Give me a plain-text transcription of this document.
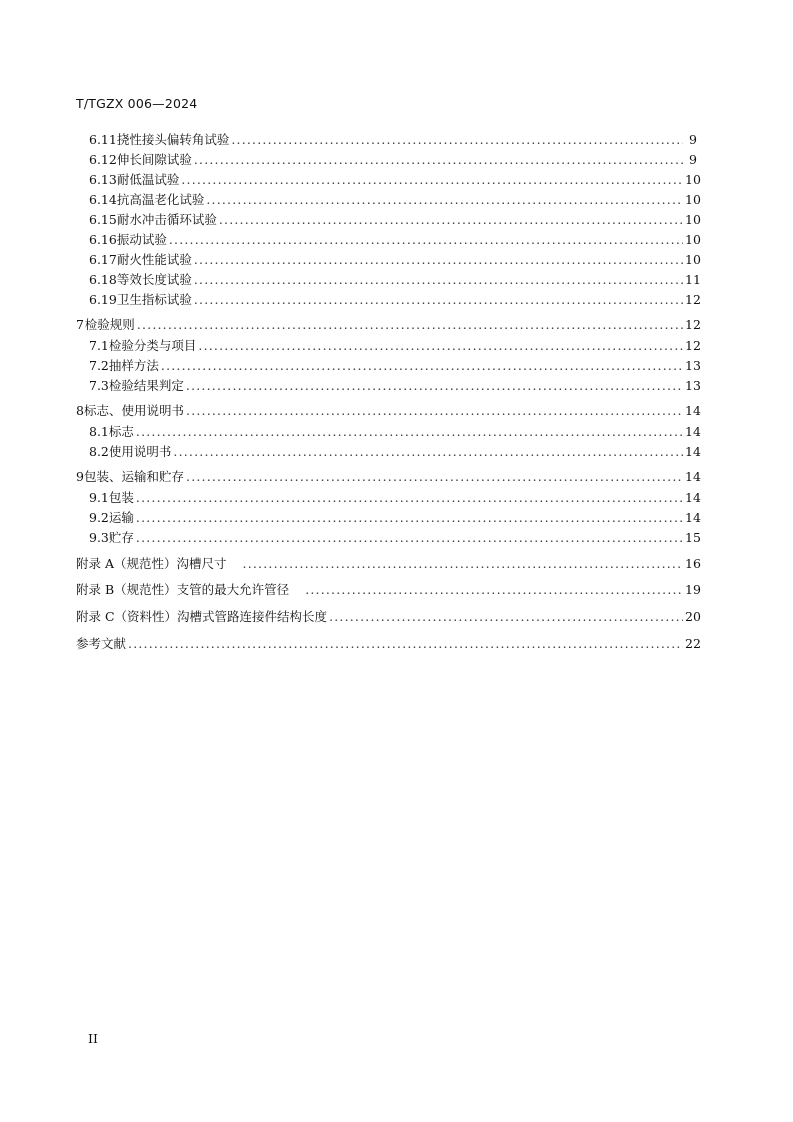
T/TGZX 006—2024
6.11 挠性接头偏转角试验 .....	9
6.12 伸长间隙试验 .....	9
6.13 耐低温试验 .....	10
6.14 抗高温老化试验 .....	10
6.15 耐水冲击循环试验 .....	10
6.16 振动试验 .....	10
6.17 耐火性能试验 .....	10
6.18 等效长度试验 .....	11
6.19 卫生指标试验 .....	12
7 检验规则 .....	12
7.1 检验分类与项目 .....	12
7.2 抽样方法 .....	13
7.3 检验结果判定 .....	13
8 标志、使用说明书 .....	14
8.1 标志 .....	14
8.2 使用说明书 .....	14
9 包装、运输和贮存 .....	14
9.1 包装 .....	14
9.2 运输 .....	14
9.3 贮存 .....	15
附录 A（规范性） 沟槽尺寸 .....	16
附录 B（规范性） 支管的最大允许管径 .....	19
附录 C（资料性） 沟槽式管路连接件结构长度 .....	20
参考文献 .....	22
II
